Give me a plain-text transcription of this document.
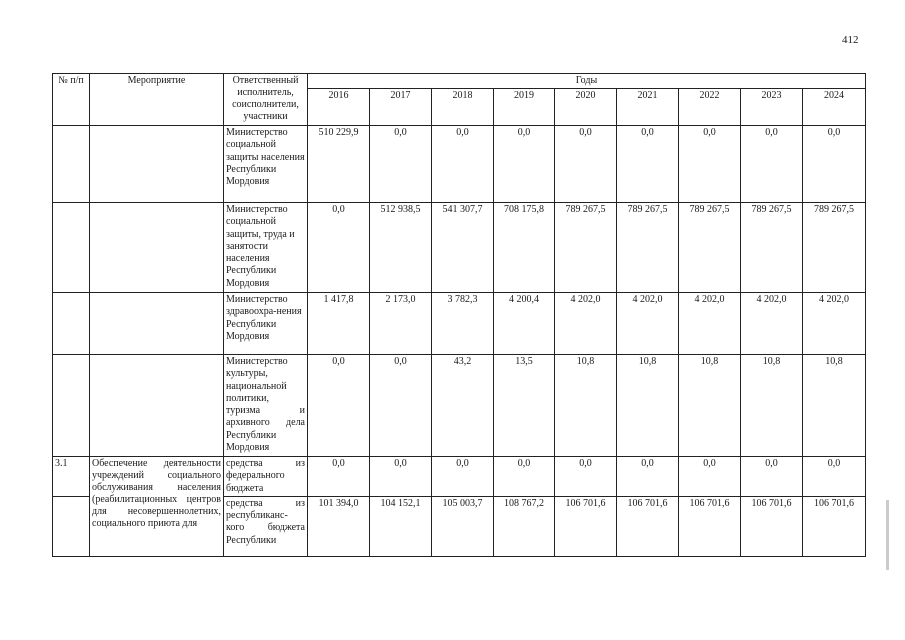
412
№ п/п	Мероприятие	Ответственный исполнитель, соисполнители, участники	Годы								
			2016	2017	2018	2019	2020	2021	2022	2023	2024
		Министерство социальной защиты населения Республики Мордовия	510 229,9	0,0	0,0	0,0	0,0	0,0	0,0	0,0	0,0
		Министерство социальной защиты, труда и занятости населения Республики Мордовия	0,0	512 938,5	541 307,7	708 175,8	789 267,5	789 267,5	789 267,5	789 267,5	789 267,5
		Министерство здравоохра-нения Республики Мордовия	1 417,8	2 173,0	3 782,3	4 200,4	4 202,0	4 202,0	4 202,0	4 202,0	4 202,0
		Министерство культуры, национальной политики, туризма и архивного дела Республики Мордовия	0,0	0,0	43,2	13,5	10,8	10,8	10,8	10,8	10,8
3.1	Обеспечение деятельности учреждений социального обслуживания населения (реабилитационных центров для несовершеннолетних, социального приюта для	средства из федерального бюджета	0,0	0,0	0,0	0,0	0,0	0,0	0,0	0,0	0,0
		средства из республиканс-кого бюджета Республики	101 394,0	104 152,1	105 003,7	108 767,2	106 701,6	106 701,6	106 701,6	106 701,6	106 701,6
